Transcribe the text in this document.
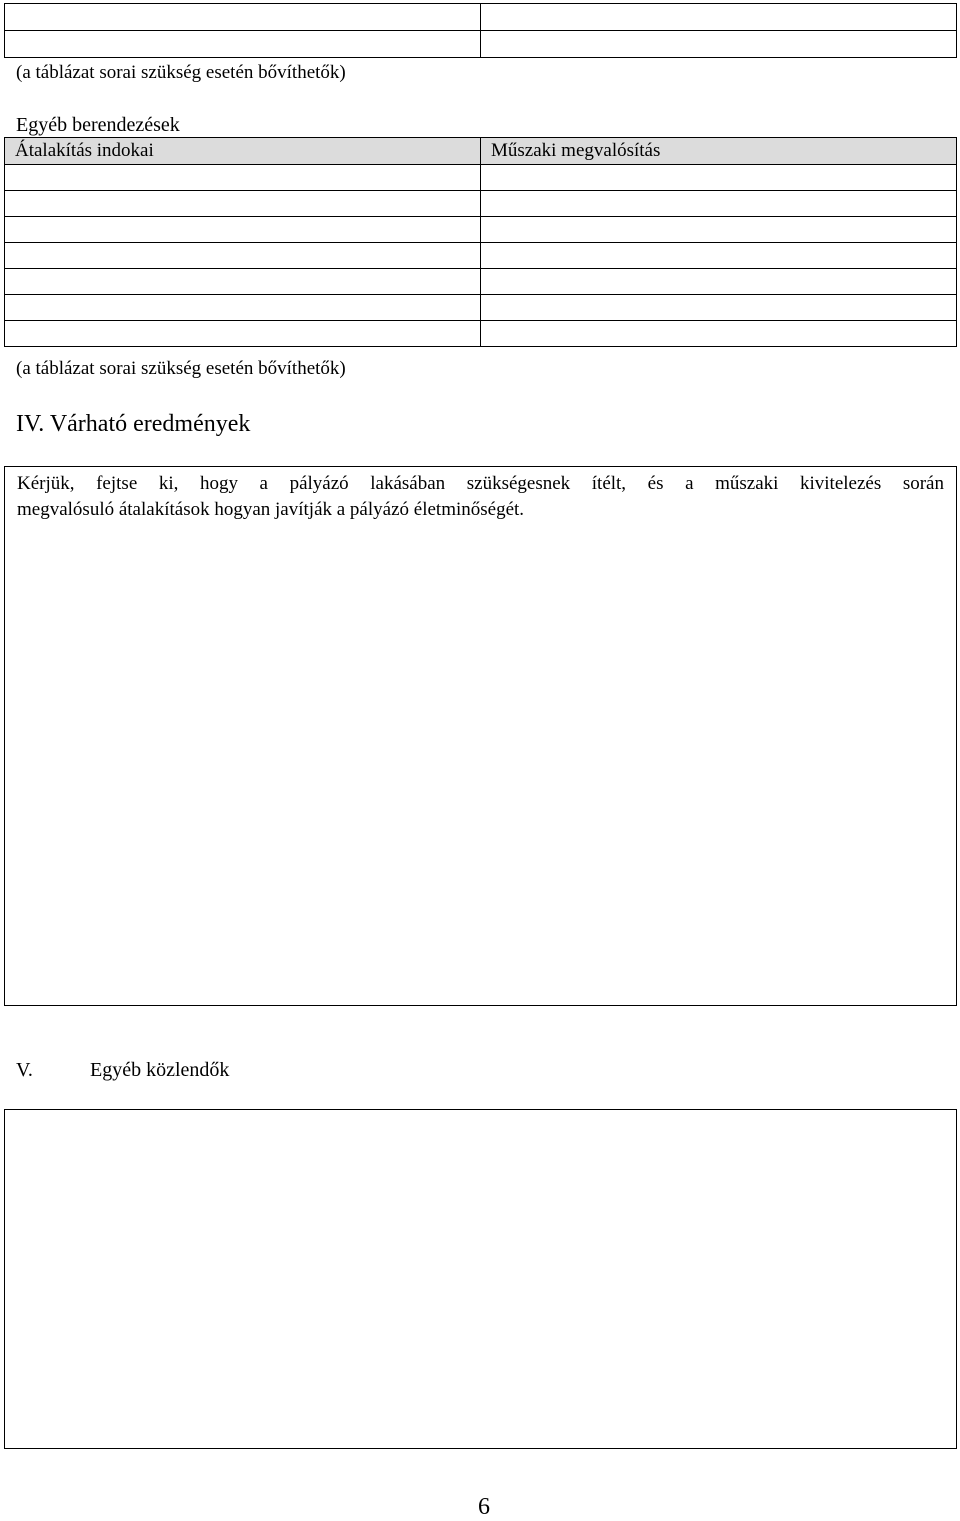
(a táblázat sorai szükség esetén bővíthetők)
Egyéb berendezések
Átalakítás indokai	Műszaki megvalósítás

(a táblázat sorai szükség esetén bővíthetők)
IV. Várható eredmények

Kérjük, fejtse ki, hogy a pályázó lakásában szükségesnek ítélt, és a műszaki kivitelezés során
megvalósuló átalakítások hogyan javítják a pályázó életminőségét.

V.	Egyéb közlendők
6
